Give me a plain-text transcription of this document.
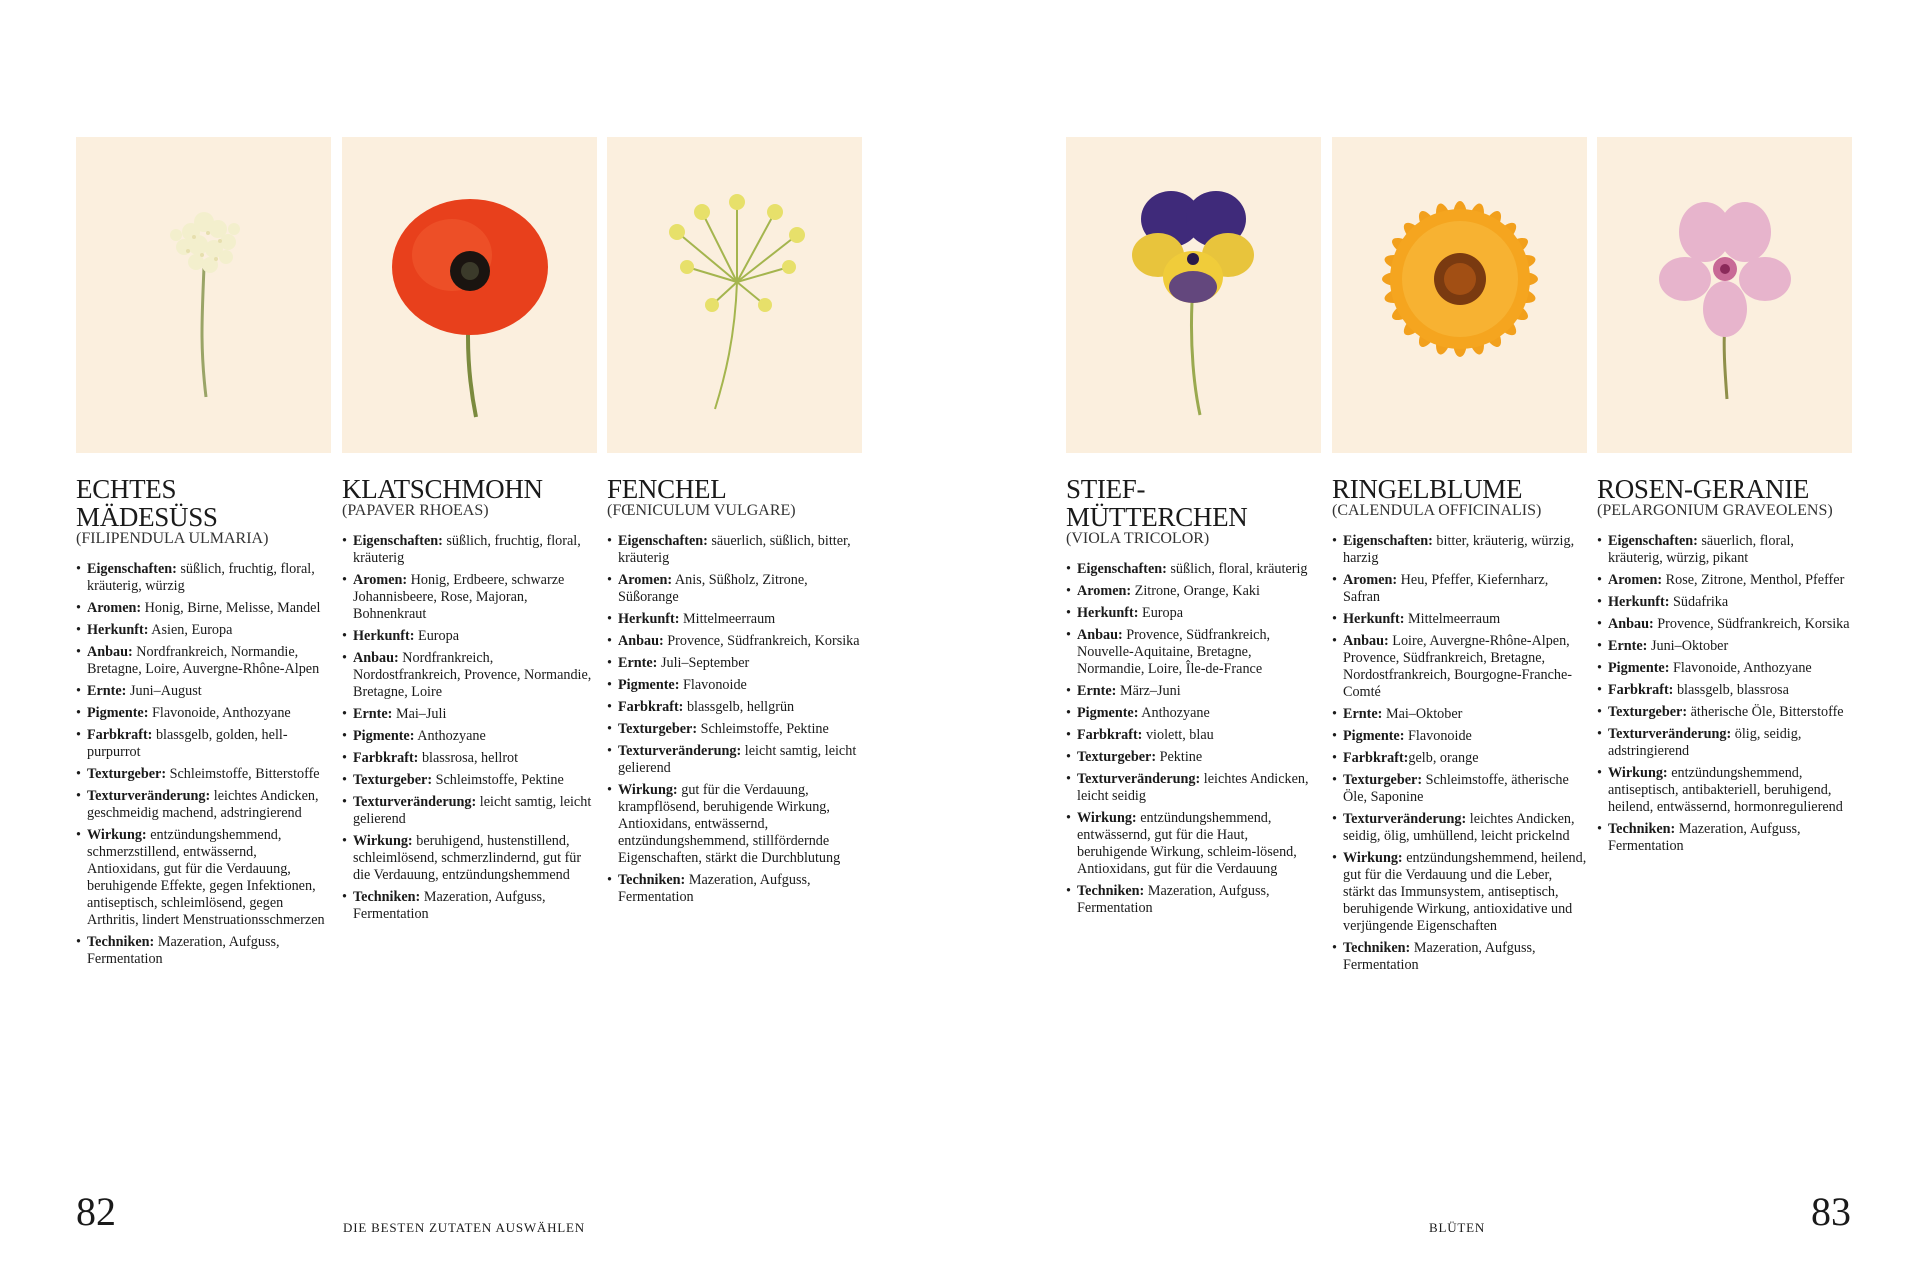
ECHTES
MÄDESÜSS
(FILIPENDULA ULMARIA)
• Eigenschaften: süßlich, fruchtig, floral, kräuterig, würzig
• Aromen: Honig, Birne, Melisse, Mandel
• Herkunft: Asien, Europa
• Anbau: Nordfrankreich, Normandie, Bretagne, Loire, Auvergne-Rhône-Alpen
• Ernte: Juni–August
• Pigmente: Flavonoide, Anthozyane
• Farbkraft: blassgelb, golden, hell-purpurrot
• Texturgeber: Schleimstoffe, Bitterstoffe
• Texturveränderung: leichtes Andicken, geschmeidig machend, adstringierend
• Wirkung: entzündungshemmend, schmerzstillend, entwässernd, Antioxidans, gut für die Verdauung, beruhigende Effekte, gegen Infektionen, antiseptisch, schleimlösend, gegen Arthritis, lindert Menstruationsschmerzen
• Techniken: Mazeration, Aufguss, Fermentation
KLATSCHMOHN
(PAPAVER RHOEAS)
• Eigenschaften: süßlich, fruchtig, floral, kräuterig
• Aromen: Honig, Erdbeere, schwarze Johannisbeere, Rose, Majoran, Bohnenkraut
• Herkunft: Europa
• Anbau: Nordfrankreich, Nordostfrankreich, Provence, Normandie, Bretagne, Loire
• Ernte: Mai–Juli
• Pigmente: Anthozyane
• Farbkraft: blassrosa, hellrot
• Texturgeber: Schleimstoffe, Pektine
• Texturveränderung: leicht samtig, leicht gelierend
• Wirkung: beruhigend, hustenstillend, schleimlösend, schmerzlindernd, gut für die Verdauung, entzündungshemmend
• Techniken: Mazeration, Aufguss, Fermentation
FENCHEL
(FŒNICULUM VULGARE)
• Eigenschaften: säuerlich, süßlich, bitter, kräuterig
• Aromen: Anis, Süßholz, Zitrone, Süßorange
• Herkunft: Mittelmeerraum
• Anbau: Provence, Südfrankreich, Korsika
• Ernte: Juli–September
• Pigmente: Flavonoide
• Farbkraft: blassgelb, hellgrün
• Texturgeber: Schleimstoffe, Pektine
• Texturveränderung: leicht samtig, leicht gelierend
• Wirkung: gut für die Verdauung, krampflösend, beruhigende Wirkung, Antioxidans, entwässernd, entzündungshemmend, stillfördernde Eigenschaften, stärkt die Durchblutung
• Techniken: Mazeration, Aufguss, Fermentation
STIEF-
MÜTTERCHEN
(VIOLA TRICOLOR)
• Eigenschaften: süßlich, floral, kräuterig
• Aromen: Zitrone, Orange, Kaki
• Herkunft: Europa
• Anbau: Provence, Südfrankreich, Nouvelle-Aquitaine, Bretagne, Normandie, Loire, Île-de-France
• Ernte: März–Juni
• Pigmente: Anthozyane
• Farbkraft: violett, blau
• Texturgeber: Pektine
• Texturveränderung: leichtes Andicken, leicht seidig
• Wirkung: entzündungshemmend, entwässernd, gut für die Haut, beruhigende Wirkung, schleim-lösend, Antioxidans, gut für die Verdauung
• Techniken: Mazeration, Aufguss, Fermentation
RINGELBLUME
(CALENDULA OFFICINALIS)
• Eigenschaften: bitter, kräuterig, würzig, harzig
• Aromen: Heu, Pfeffer, Kiefernharz, Safran
• Herkunft: Mittelmeerraum
• Anbau: Loire, Auvergne-Rhône-Alpen, Provence, Südfrankreich, Bretagne, Nordostfrankreich, Bourgogne-Franche-Comté
• Ernte: Mai–Oktober
• Pigmente: Flavonoide
• Farbkraft:gelb, orange
• Texturgeber: Schleimstoffe, ätherische Öle, Saponine
• Texturveränderung: leichtes Andicken, seidig, ölig, umhüllend, leicht prickelnd
• Wirkung: entzündungshemmend, heilend, gut für die Verdauung und die Leber, stärkt das Immunsystem, antiseptisch, beruhigende Wirkung, antioxidative und verjüngende Eigenschaften
• Techniken: Mazeration, Aufguss, Fermentation
ROSEN-GERANIE
(PELARGONIUM GRAVEOLENS)
• Eigenschaften: säuerlich, floral, kräuterig, würzig, pikant
• Aromen: Rose, Zitrone, Menthol, Pfeffer
• Herkunft: Südafrika
• Anbau: Provence, Südfrankreich, Korsika
• Ernte: Juni–Oktober
• Pigmente: Flavonoide, Anthozyane
• Farbkraft: blassgelb, blassrosa
• Texturgeber: ätherische Öle, Bitterstoffe
• Texturveränderung: ölig, seidig, adstringierend
• Wirkung: entzündungshemmend, antiseptisch, antibakteriell, beruhigend, heilend, entwässernd, hormonregulierend
• Techniken: Mazeration, Aufguss, Fermentation
82	DIE BESTEN ZUTATEN AUSWÄHLEN	BLÜTEN	83
